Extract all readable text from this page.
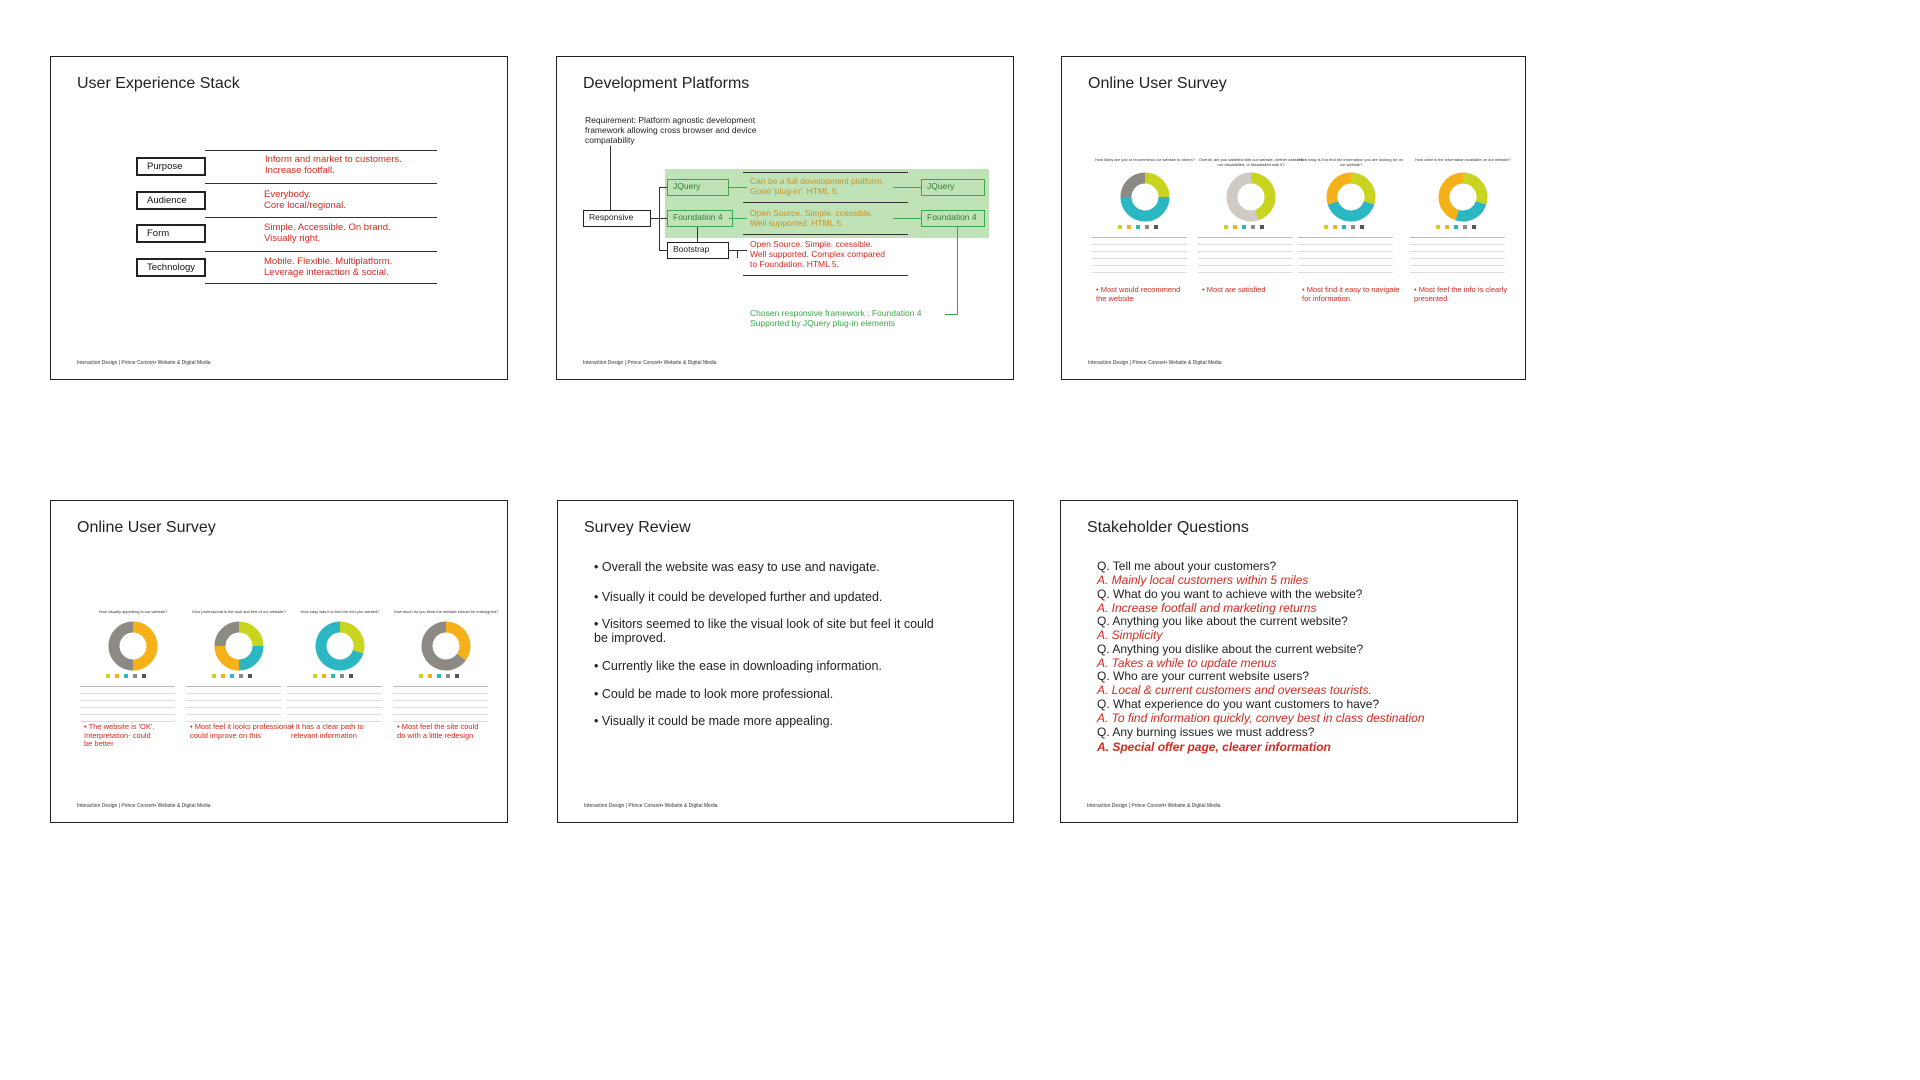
User Experience Stack
Purpose
Audience
Form
Technology
Inform and market to customers.
Increase footfall.
Everybody.
Core local/regional.
Simple. Accessible. On brand.
Visually right.
Mobile. Flexible. Multiplatform.
Leverage interaction & social.
Interaction Design | Prince Consort• Website & Digital Media
Development Platforms
Requirement: Platform agnostic development
framework allowing cross browser and device
compatability
Responsive
JQuery
Foundation 4
Bootstrap
JQuery
Foundation 4
Can be a full development platform.
Good 'plug-in'. HTML 5.
Open Source. Simple. ccessible.
Well supported. HTML 5.
Open Source. Simple. ccessible.
Well supported. Complex compared
to Foundation. HTML 5.
Chosen responsive framework : Foundation 4
Supported by JQuery plug-in elements
Interaction Design | Prince Consort• Website & Digital Media
Online User Survey
How likely are you to recommend our website to others?
• Most would recommend
the website
Overall, are you satisfied with our website, neither satisfied nor dissatisfied, or dissatisfied with it?
• Most are satisfied
How easy is it to find the information you are looking for on our website?
• Most find it easy to navigate
for information.
How clear is the information available on our website?
• Most feel the info is clearly
presented
Interaction Design | Prince Consort• Website & Digital Media
Online User Survey
How visually appealing is our website?
• The website is 'OK'.
Interpretation- could
be better
How professional is the look and feel of our website?
• Most feel it looks professional
could improve on this
How easy was it to find the info you wanted?
• It has a clear path to
relevant information
How much do you think the website should be redesigned?
• Most feel the site could
do with a little redesign
Interaction Design | Prince Consort• Website & Digital Media
Survey Review
• Overall the website was easy to use and navigate.
• Visually it could be developed further and updated.
• Visitors seemed to like the visual look of site but feel it could
be improved.
• Currently like the ease in downloading information.
• Could be made to look more professional.
• Visually it could be made more appealing.
Interaction Design | Prince Consort• Website & Digital Media
Stakeholder Questions
Q. Tell me about your customers?
A. Mainly local customers within 5 miles
Q. What do you want to achieve with the website?
A. Increase footfall and marketing returns
Q. Anything you like about the current website?
A. Simplicity
Q. Anything you dislike about the current website?
A. Takes a while to update menus
Q. Who are your current website users?
A. Local & current customers and overseas tourists.
Q. What experience do you want customers to have?
A. To find information quickly, convey best in class destination
Q. Any burning issues we must address?
A. Special offer page, clearer information
Interaction Design | Prince Consort• Website & Digital Media
